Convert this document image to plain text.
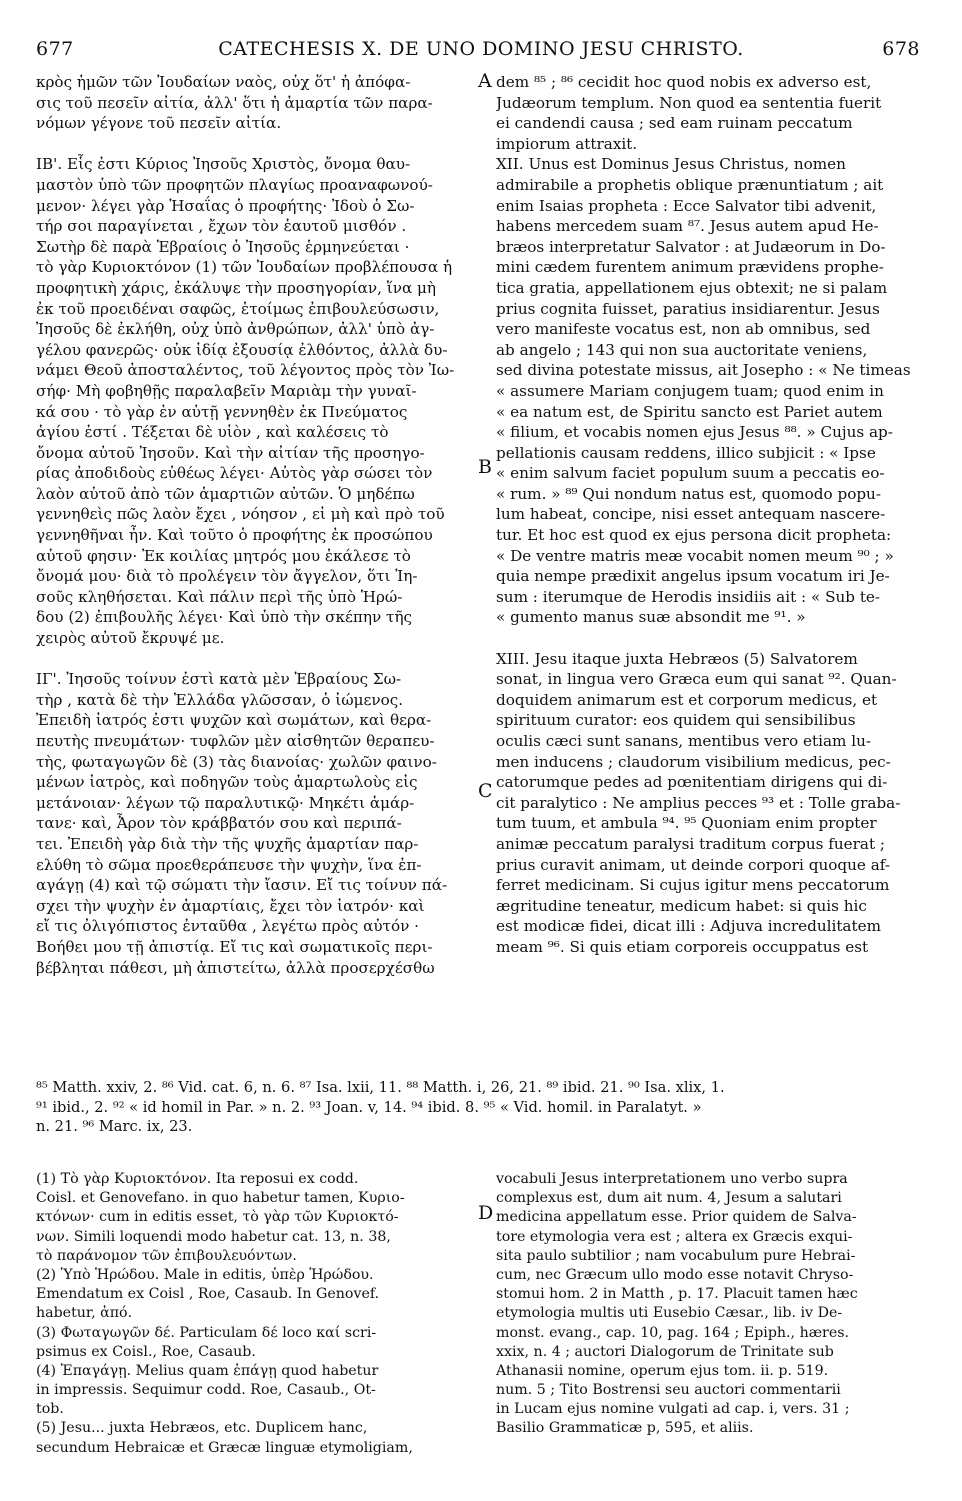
677	CATECHESIS X. DE UNO DOMINO JESU CHRISTO.	678
κρὸς ἡμῶν τῶν Ἰουδαίων ναὸς, οὐχ ὅτ' ἡ ἀπόφα-
σις τοῦ πεσεῖν αἰτία, ἀλλ' ὅτι ἡ ἁμαρτία τῶν παρα-
νόμων γέγονε τοῦ πεσεῖν αἰτία.
ΙΒ'. Εἷς ἐστι Κύριος Ἰησοῦς Χριστὸς, ὄνομα θαυ-
μαστὸν ὑπὸ τῶν προφητῶν πλαγίως προαναφωνού-
μενον· λέγει γὰρ Ἡσαΐας ὁ προφήτης· Ἰδοὺ ὁ Σω-
τήρ σοι παραγίνεται , ἔχων τὸν ἑαυτοῦ μισθόν .
Σωτὴρ δὲ παρὰ Ἑβραίοις ὁ Ἰησοῦς ἑρμηνεύεται ·
τὸ γὰρ Κυριοκτόνον (1) τῶν Ἰουδαίων προβλέπουσα ἡ
προφητικὴ χάρις, ἐκάλυψε τὴν προσηγορίαν, ἵνα μὴ
ἐκ τοῦ προειδέναι σαφῶς, ἑτοίμως ἐπιβουλεύσωσιν,
Ἰησοῦς δὲ ἐκλήθη, οὐχ ὑπὸ ἀνθρώπων, ἀλλ' ὑπὸ ἀγ-
γέλου φανερῶς· οὐκ ἰδίᾳ ἐξουσίᾳ ἐλθόντος, ἀλλὰ δυ-
νάμει Θεοῦ ἀποσταλέντος, τοῦ λέγοντος πρὸς τὸν Ἰω-
σήφ· Μὴ φοβηθῇς παραλαβεῖν Μαριὰμ τὴν γυναῖ-
κά σου · τὸ γὰρ ἐν αὐτῇ γεννηθὲν ἐκ Πνεύματος
ἁγίου ἐστί . Τέξεται δὲ υἱὸν , καὶ καλέσεις τὸ
ὄνομα αὐτοῦ Ἰησοῦν. Καὶ τὴν αἰτίαν τῆς προσηγο-
ρίας ἀποδιδοὺς εὐθέως λέγει· Αὐτὸς γὰρ σώσει τὸν
λαὸν αὐτοῦ ἀπὸ τῶν ἁμαρτιῶν αὐτῶν. Ὁ μηδέπω
γεννηθεὶς πῶς λαὸν ἔχει , νόησον , εἰ μὴ καὶ πρὸ τοῦ
γεννηθῆναι ἦν. Καὶ τοῦτο ὁ προφήτης ἐκ προσώπου
αὐτοῦ φησιν· Ἐκ κοιλίας μητρός μου ἐκάλεσε τὸ
ὄνομά μου· διὰ τὸ προλέγειν τὸν ἄγγελον, ὅτι Ἰη-
σοῦς κληθήσεται. Καὶ πάλιν περὶ τῆς ὑπὸ Ἡρώ-
δου (2) ἐπιβουλῆς λέγει· Καὶ ὑπὸ τὴν σκέπην τῆς
χειρὸς αὐτοῦ ἔκρυψέ με.
ΙΓ'. Ἰησοῦς τοίνυν ἐστὶ κατὰ μὲν Ἑβραίους Σω-
τὴρ , κατὰ δὲ τὴν Ἑλλάδα γλῶσσαν, ὁ ἰώμενος.
Ἐπειδὴ ἰατρός ἐστι ψυχῶν καὶ σωμάτων, καὶ θερα-
πευτὴς πνευμάτων· τυφλῶν μὲν αἰσθητῶν θεραπευ-
τὴς, φωταγωγῶν δὲ (3) τὰς διανοίας· χωλῶν φαινο-
μένων ἰατρὸς, καὶ ποδηγῶν τοὺς ἁμαρτωλοὺς εἰς
μετάνοιαν· λέγων τῷ παραλυτικῷ· Μηκέτι ἁμάρ-
τανε· καὶ, Ἆρον τὸν κράββατόν σου καὶ περιπά-
τει. Ἐπειδὴ γὰρ διὰ τὴν τῆς ψυχῆς ἁμαρτίαν παρ-
ελύθη τὸ σῶμα προεθεράπευσε τὴν ψυχὴν, ἵνα ἐπ-
αγάγῃ (4) καὶ τῷ σώματι τὴν ἴασιν. Εἴ τις τοίνυν πά-
σχει τὴν ψυχὴν ἐν ἁμαρτίαις, ἔχει τὸν ἰατρόν· καὶ
εἴ τις ὀλιγόπιστος ἐνταῦθα , λεγέτω πρὸς αὐτόν ·
Βοήθει μου τῇ ἀπιστίᾳ. Εἴ τις καὶ σωματικοῖς περι-
βέβληται πάθεσι, μὴ ἀπιστείτω, ἀλλὰ προσερχέσθω
dem ⁸⁵ ; ⁸⁶ cecidit hoc quod nobis ex adverso est,
Judæorum templum. Non quod ea sententia fuerit
ei candendi causa ; sed eam ruinam peccatum
impiorum attraxit.
XII. Unus est Dominus Jesus Christus, nomen
admirabile a prophetis oblique prænuntiatum ; ait
enim Isaias propheta : Ecce Salvator tibi advenit,
habens mercedem suam ⁸⁷. Jesus autem apud He-
bræos interpretatur Salvator : at Judæorum in Do-
mini cædem furentem animum prævidens prophe-
tica gratia, appellationem ejus obtexit; ne si palam
prius cognita fuisset, paratius insidiarentur. Jesus
vero manifeste vocatus est, non ab omnibus, sed
ab angelo ; 143 qui non sua auctoritate veniens,
sed divina potestate missus, ait Josepho : « Ne timeas
« assumere Mariam conjugem tuam; quod enim in
« ea natum est, de Spiritu sancto est Pariet autem
« filium, et vocabis nomen ejus Jesus ⁸⁸. » Cujus ap-
pellationis causam reddens, illico subjicit : « Ipse
« enim salvum faciet populum suum a peccatis eo-
« rum. » ⁸⁹ Qui nondum natus est, quomodo popu-
lum habeat, concipe, nisi esset antequam nascere-
tur. Et hoc est quod ex ejus persona dicit propheta:
« De ventre matris meæ vocabit nomen meum ⁹⁰ ; »
quia nempe prædixit angelus ipsum vocatum iri Je-
sum : iterumque de Herodis insidiis ait : « Sub te-
« gumento manus suæ absondit me ⁹¹. »
XIII. Jesu itaque juxta Hebræos (5) Salvatorem
sonat, in lingua vero Græca eum qui sanat ⁹². Quan-
doquidem animarum est et corporum medicus, et
spirituum curator: eos quidem qui sensibilibus
oculis cæci sunt sanans, mentibus vero etiam lu-
men inducens ; claudorum visibilium medicus, pec-
catorumque pedes ad pœnitentiam dirigens qui di-
cit paralytico : Ne amplius pecces ⁹³ et : Tolle graba-
tum tuum, et ambula ⁹⁴. ⁹⁵ Quoniam enim propter
animæ peccatum paralysi traditum corpus fuerat ;
prius curavit animam, ut deinde corpori quoque af-
ferret medicinam. Si cujus igitur mens peccatorum
ægritudine teneatur, medicum habet: si quis hic
est modicæ fidei, dicat illi : Adjuva incredulitatem
meam ⁹⁶. Si quis etiam corporeis occuppatus est
A
B
C
D
⁸⁵ Matth. xxiv, 2. ⁸⁶ Vid. cat. 6, n. 6. ⁸⁷ Isa. lxii, 11. ⁸⁸ Matth. i, 26, 21. ⁸⁹ ibid. 21. ⁹⁰ Isa. xlix, 1.
⁹¹ ibid., 2. ⁹² « id homil in Par. » n. 2. ⁹³ Joan. v, 14. ⁹⁴ ibid. 8. ⁹⁵ « Vid. homil. in Paralatyt. »
n. 21. ⁹⁶ Marc. ix, 23.
(1) Τὸ γὰρ Κυριοκτόνον. Ita reposui ex codd.
Coisl. et Genovefano. in quo habetur tamen, Κυριο-
κτόνων· cum in editis esset, τὸ γὰρ τῶν Κυριοκτό-
νων. Simili loquendi modo habetur cat. 13, n. 38,
τὸ παράνομον τῶν ἐπιβουλευόντων.
(2) Ὑπὸ Ἡρώδου. Male in editis, ὑπὲρ Ἡρώδου.
Emendatum ex Coisl , Roe, Casaub. In Genovef.
habetur, ἀπό.
(3) Φωταγωγῶν δέ. Particulam δέ loco καί scri-
psimus ex Coisl., Roe, Casaub.
(4) Ἐπαγάγῃ. Melius quam ἐπάγῃ quod habetur
in impressis. Sequimur codd. Roe, Casaub., Ot-
tob.
(5) Jesu... juxta Hebræos, etc. Duplicem hanc,
secundum Hebraicæ et Græcæ linguæ etymoligiam,
vocabuli Jesus interpretationem uno verbo supra
complexus est, dum ait num. 4, Jesum a salutari
medicina appellatum esse. Prior quidem de Salva-
tore etymologia vera est ; altera ex Græcis exqui-
sita paulo subtilior ; nam vocabulum pure Hebrai-
cum, nec Græcum ullo modo esse notavit Chryso-
stomui hom. 2 in Matth , p. 17. Placuit tamen hæc
etymologia multis uti Eusebio Cæsar., lib. iv De-
monst. evang., cap. 10, pag. 164 ; Epiph., hæres.
xxix, n. 4 ; auctori Dialogorum de Trinitate sub
Athanasii nomine, operum ejus tom. ii. p. 519.
num. 5 ; Tito Bostrensi seu auctori commentarii
in Lucam ejus nomine vulgati ad cap. i, vers. 31 ;
Basilio Grammaticæ p, 595, et aliis.
